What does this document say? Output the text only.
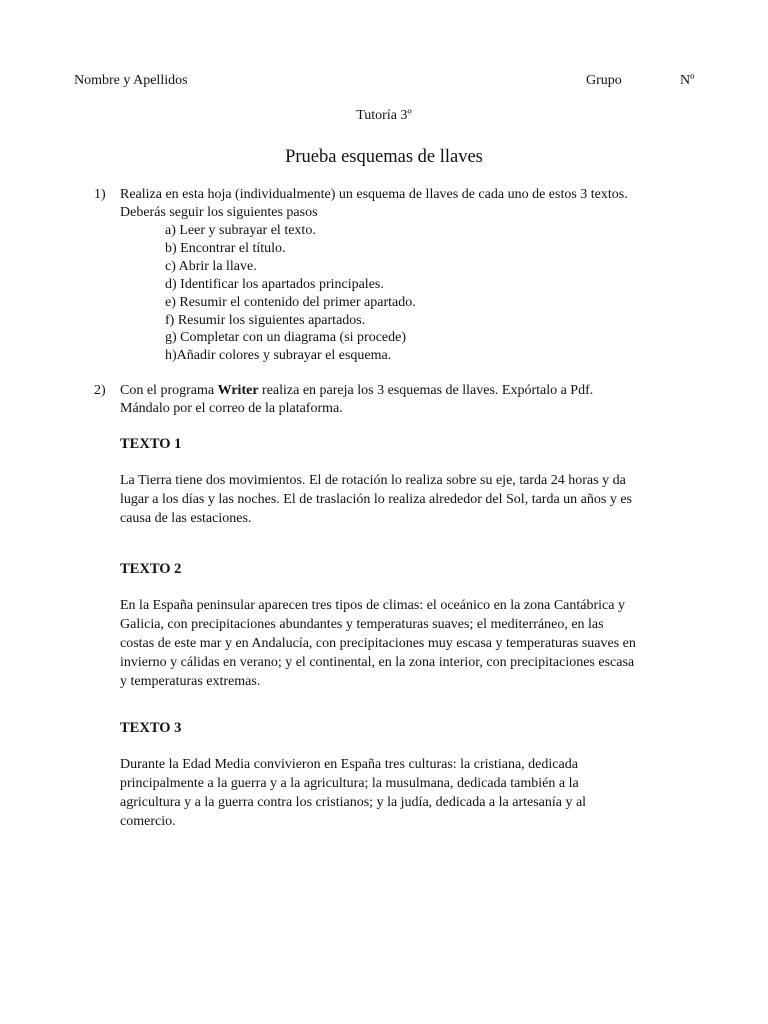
Nombre y Apellidos	Grupo	Nº
Tutoría 3º
Prueba esquemas de llaves
1) Realiza en esta hoja (individualmente) un esquema de llaves de cada uno de estos 3 textos.
Deberás seguir los siguientes pasos
a) Leer y subrayar el texto.
b) Encontrar el título.
c) Abrir la llave.
d) Identificar los apartados principales.
e) Resumir el contenido del primer apartado.
f) Resumir los siguientes apartados.
g) Completar con un diagrama (si procede)
h)Añadir colores y subrayar el esquema.
2) Con el programa Writer realiza en pareja los 3 esquemas de llaves. Expórtalo a Pdf.
Mándalo por el correo de la plataforma.
TEXTO 1
La Tierra tiene dos movimientos. El de rotación lo realiza sobre su eje, tarda 24 horas y da
lugar a los días y las noches. El de traslación lo realiza alrededor del Sol, tarda un años y es
causa de las estaciones.
TEXTO 2
En la España peninsular aparecen tres tipos de climas: el oceánico en la zona Cantábrica y
Galicia, con precipitaciones abundantes y temperaturas suaves; el mediterráneo, en las
costas de este mar y en Andalucía, con precipitaciones muy escasa y temperaturas suaves en
invierno y cálidas en verano; y el continental, en la zona interior, con precipitaciones escasa
y temperaturas extremas.
TEXTO 3
Durante la Edad Media convivieron en España tres culturas: la cristiana, dedicada
principalmente a la guerra y a la agricultura; la musulmana, dedicada también a la
agricultura y a la guerra contra los cristianos; y la judía, dedicada a la artesanía y al
comercio.
